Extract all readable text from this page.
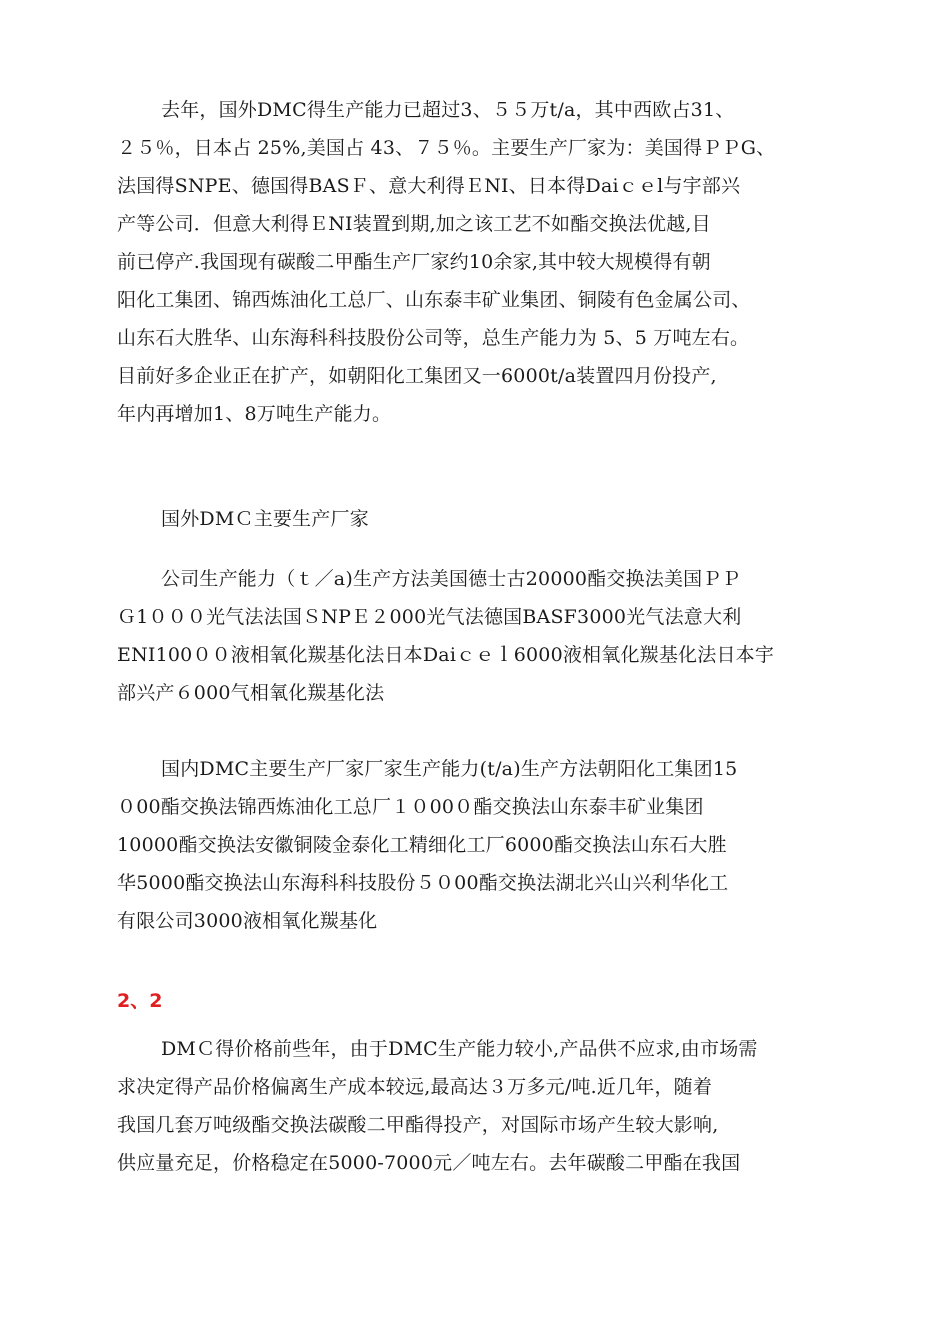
去年，国外DMC得生产能力已超过3、５５万t/a，其中西欧占31、
２５％，日本占 25%,美国占 43、７５％。主要生产厂家为：美国得ＰＰG、
法国得SNPE、德国得BASＦ、意大利得ＥNI、日本得Daiｃｅl与宇部兴
产等公司．但意大利得ＥNI装置到期,加之该工艺不如酯交换法优越,目
前已停产.我国现有碳酸二甲酯生产厂家约10余家,其中较大规模得有朝
阳化工集团、锦西炼油化工总厂、山东泰丰矿业集团、铜陵有色金属公司、
山东石大胜华、山东海科科技股份公司等，总生产能力为 5、5 万吨左右。
目前好多企业正在扩产，如朝阳化工集团又一6000t/a装置四月份投产,
年内再增加1、8万吨生产能力。
国外DMＣ主要生产厂家
公司生产能力（ｔ／a)生产方法美国德士古20000酯交换法美国ＰＰ
Ｇ1０００光气法法国ＳNPＥ２000光气法德国BASF3000光气法意大利
ENI100００液相氧化羰基化法日本Daiｃｅｌ6000液相氧化羰基化法日本宇
部兴产６000气相氧化羰基化法
国内DMC主要生产厂家厂家生产能力(t/a)生产方法朝阳化工集团15
０00酯交换法锦西炼油化工总厂１０00０酯交换法山东泰丰矿业集团
10000酯交换法安徽铜陵金泰化工精细化工厂6000酯交换法山东石大胜
华5000酯交换法山东海科科技股份５０00酯交换法湖北兴山兴利华化工
有限公司3000液相氧化羰基化
2、2
DMＣ得价格前些年，由于DMC生产能力较小,产品供不应求,由市场需
求决定得产品价格偏离生产成本较远,最高达３万多元/吨.近几年，随着
我国几套万吨级酯交换法碳酸二甲酯得投产，对国际市场产生较大影响,
供应量充足，价格稳定在5000-7000元／吨左右。去年碳酸二甲酯在我国
